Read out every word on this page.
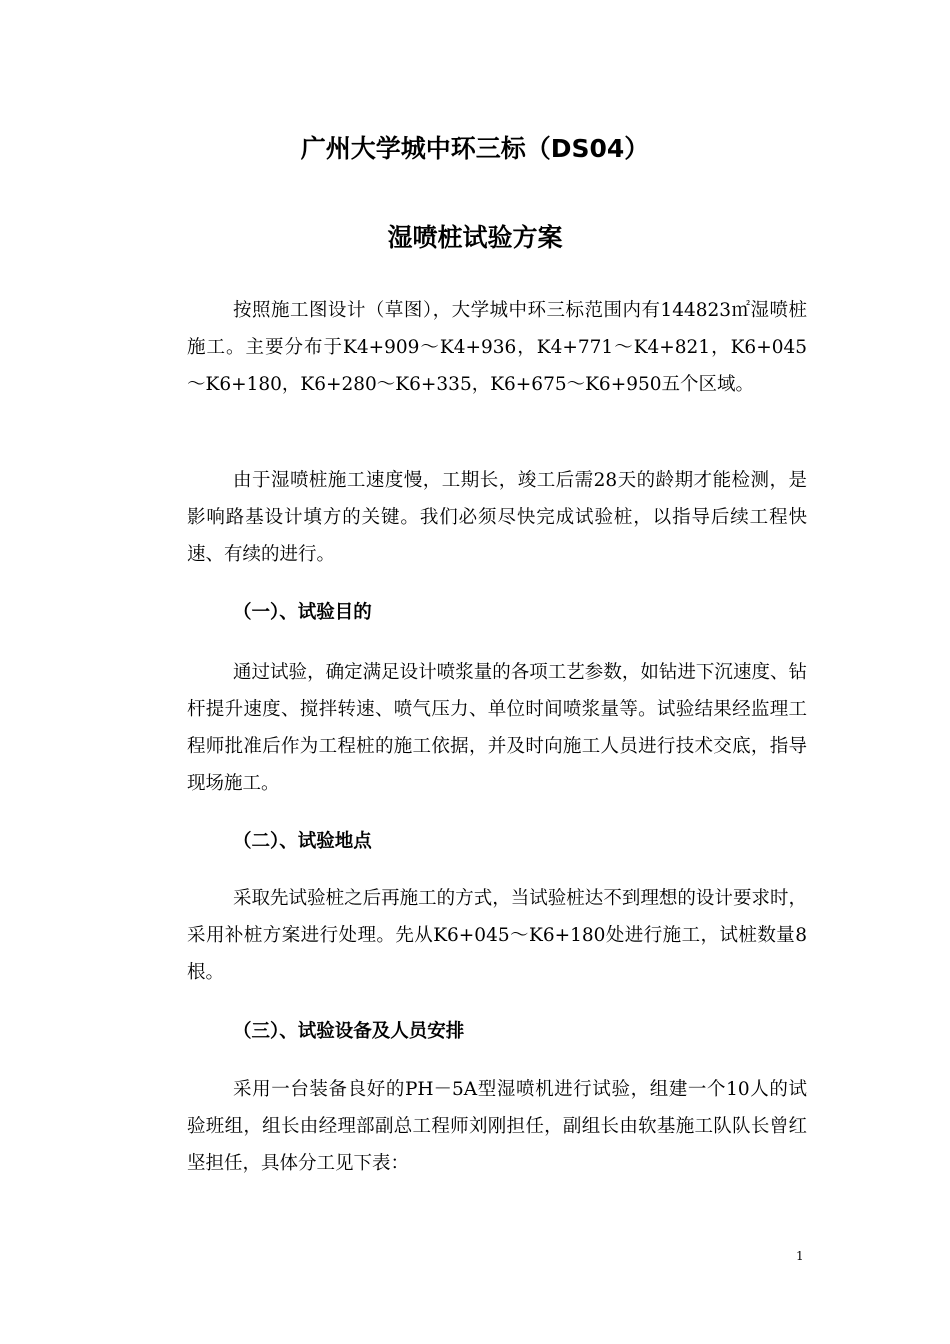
广州大学城中环三标（DS04）
湿喷桩试验方案

按照施工图设计（草图），大学城中环三标范围内有144823㎡湿喷桩施工。主要分布于K4+909～K4+936，K4+771～K4+821，K6+045～K6+180，K6+280～K6+335，K6+675～K6+950五个区域。

由于湿喷桩施工速度慢，工期长，竣工后需28天的龄期才能检测，是影响路基设计填方的关键。我们必须尽快完成试验桩，以指导后续工程快速、有续的进行。

（一）、试验目的

通过试验，确定满足设计喷浆量的各项工艺参数，如钻进下沉速度、钻杆提升速度、搅拌转速、喷气压力、单位时间喷浆量等。试验结果经监理工程师批准后作为工程桩的施工依据，并及时向施工人员进行技术交底，指导现场施工。

（二）、试验地点

采取先试验桩之后再施工的方式，当试验桩达不到理想的设计要求时，采用补桩方案进行处理。先从K6+045～K6+180处进行施工，试桩数量8根。

（三）、试验设备及人员安排

采用一台装备良好的PH－5A型湿喷机进行试验，组建一个10人的试验班组，组长由经理部副总工程师刘刚担任，副组长由软基施工队队长曾红坚担任，具体分工见下表：

1
